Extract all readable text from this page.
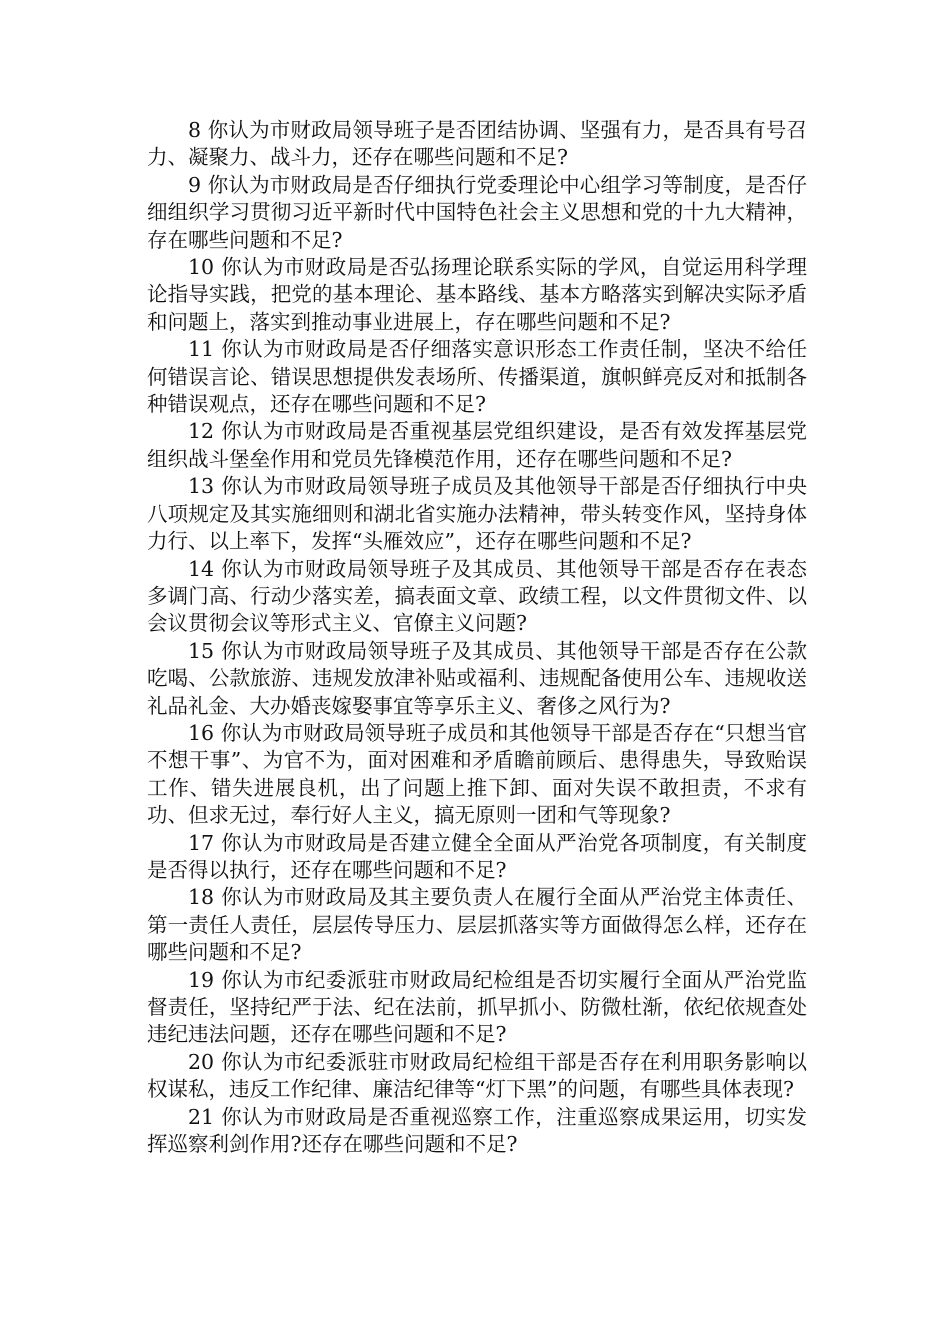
8 你认为市财政局领导班子是否团结协调、坚强有力，是否具有号召力、凝聚力、战斗力，还存在哪些问题和不足?

9 你认为市财政局是否仔细执行党委理论中心组学习等制度，是否仔细组织学习贯彻习近平新时代中国特色社会主义思想和党的十九大精神，存在哪些问题和不足?

10 你认为市财政局是否弘扬理论联系实际的学风，自觉运用科学理论指导实践，把党的基本理论、基本路线、基本方略落实到解决实际矛盾和问题上，落实到推动事业进展上，存在哪些问题和不足?

11 你认为市财政局是否仔细落实意识形态工作责任制，坚决不给任何错误言论、错误思想提供发表场所、传播渠道，旗帜鲜亮反对和抵制各种错误观点，还存在哪些问题和不足?

12 你认为市财政局是否重视基层党组织建设，是否有效发挥基层党组织战斗堡垒作用和党员先锋模范作用，还存在哪些问题和不足?

13 你认为市财政局领导班子成员及其他领导干部是否仔细执行中央八项规定及其实施细则和湖北省实施办法精神，带头转变作风，坚持身体力行、以上率下，发挥“头雁效应”，还存在哪些问题和不足?

14 你认为市财政局领导班子及其成员、其他领导干部是否存在表态多调门高、行动少落实差，搞表面文章、政绩工程，以文件贯彻文件、以会议贯彻会议等形式主义、官僚主义问题?

15 你认为市财政局领导班子及其成员、其他领导干部是否存在公款吃喝、公款旅游、违规发放津补贴或福利、违规配备使用公车、违规收送礼品礼金、大办婚丧嫁娶事宜等享乐主义、奢侈之风行为?

16 你认为市财政局领导班子成员和其他领导干部是否存在“只想当官不想干事”、为官不为，面对困难和矛盾瞻前顾后、患得患失，导致贻误工作、错失进展良机，出了问题上推下卸、面对失误不敢担责，不求有功、但求无过，奉行好人主义，搞无原则一团和气等现象?

17 你认为市财政局是否建立健全全面从严治党各项制度，有关制度是否得以执行，还存在哪些问题和不足?

18 你认为市财政局及其主要负责人在履行全面从严治党主体责任、第一责任人责任，层层传导压力、层层抓落实等方面做得怎么样，还存在哪些问题和不足?

19 你认为市纪委派驻市财政局纪检组是否切实履行全面从严治党监督责任，坚持纪严于法、纪在法前，抓早抓小、防微杜渐，依纪依规查处违纪违法问题，还存在哪些问题和不足?

20 你认为市纪委派驻市财政局纪检组干部是否存在利用职务影响以权谋私，违反工作纪律、廉洁纪律等“灯下黑”的问题，有哪些具体表现?

21 你认为市财政局是否重视巡察工作，注重巡察成果运用，切实发挥巡察利剑作用?还存在哪些问题和不足?
